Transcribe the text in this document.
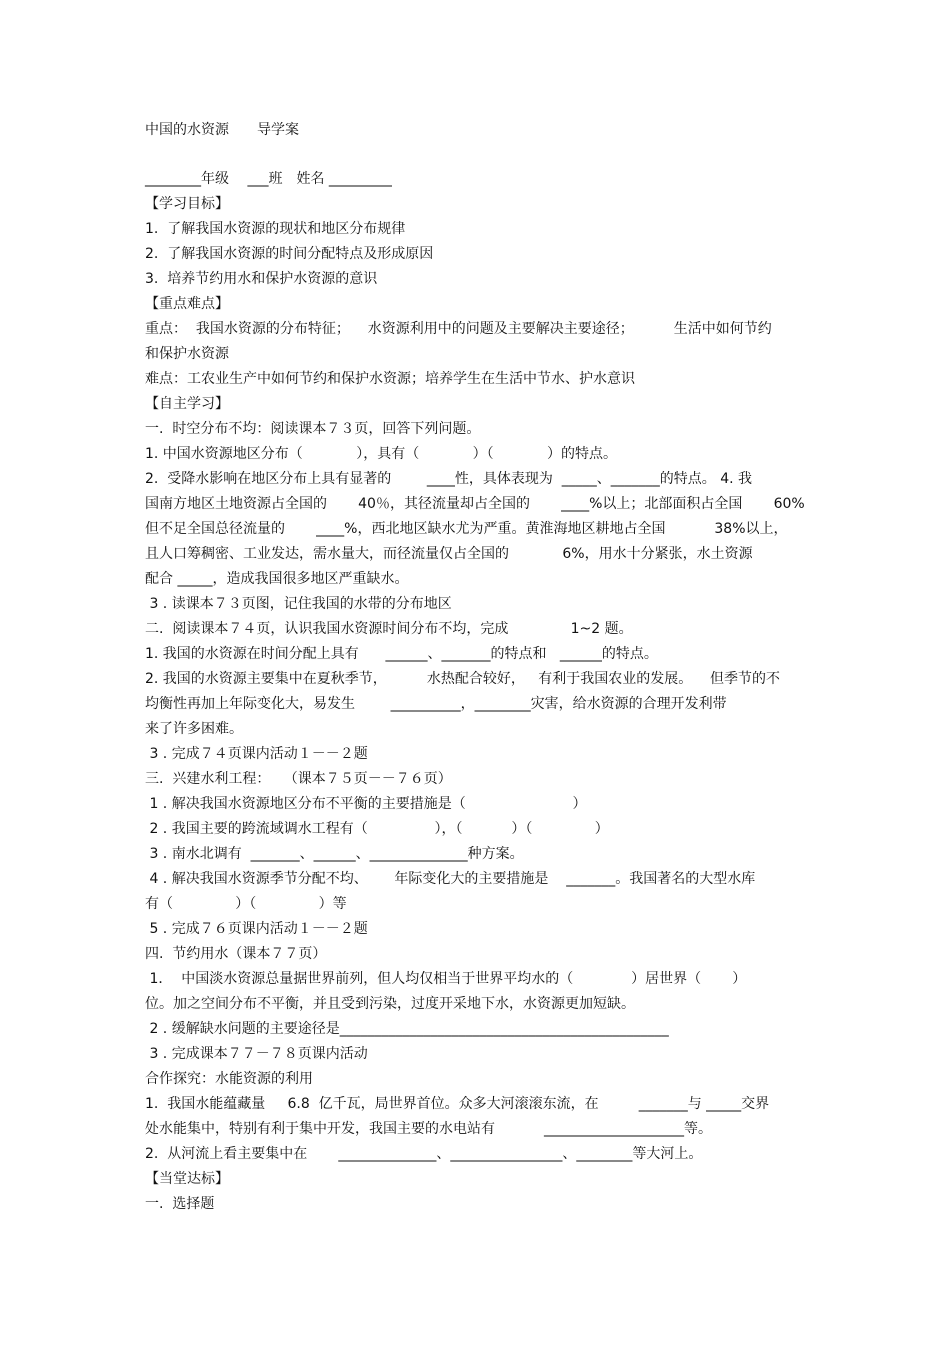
中国的水资源　　导学案
________年级　 ___班　姓名 _________
【学习目标】
1.  了解我国水资源的现状和地区分布规律
2.  了解我国水资源的时间分配特点及形成原因
3.  培养节约用水和保护水资源的意识
【重点难点】
重点：  我国水资源的分布特征；    水资源利用中的问题及主要解决主要途径；         生活中如何节约
和保护水资源
难点：工农业生产中如何节约和保护水资源；培养学生在生活中节水、护水意识
【自主学习】
一.  时空分布不均：阅读课本７３页，回答下列问题。
1. 中国水资源地区分布（            ），具有（            ）（            ）的特点。
2.  受降水影响在地区分布上具有显著的        ____性，具体表现为  _____、_______的特点。 4. 我
国南方地区土地资源占全国的       40％，其径流量却占全国的       ____%以上；北部面积占全国       60%
但不足全国总径流量的       ____%，西北地区缺水尤为严重。黄淮海地区耕地占全国           38%以上，
且人口筹稠密、工业发达，需水量大，而径流量仅占全国的            6%，用水十分紧张，水土资源
配合 _____，造成我国很多地区严重缺水。
3 . 读课本７３页图，记住我国的水带的分布地区
二.  阅读课本７４页，认识我国水资源时间分布不均，完成              1~2 题。
1. 我国的水资源在时间分配上具有      ______、_______的特点和   ______的特点。
2. 我国的水资源主要集中在夏秋季节，         水热配合较好，   有利于我国农业的发展。    但季节的不
均衡性再加上年际变化大，易发生        __________，________灾害，给水资源的合理开发利带
来了许多困难。
3 . 完成７４页课内活动１－－２题
三.  兴建水利工程：   （课本７５页－－７６页）
1 . 解决我国水资源地区分布不平衡的主要措施是（                        ）
2 . 我国主要的跨流域调水工程有（               ），（           ）（              ）
3 . 南水北调有  _______、______、______________种方案。
4 . 解决我国水资源季节分配不均、      年际变化大的主要措施是    _______。我国著名的大型水库
有（              ）（              ）等
5 . 完成７６页课内活动１－－２题
四.  节约用水（课本７７页）
1．  中国淡水资源总量据世界前列，但人均仅相当于世界平均水的（             ）居世界（       ）
位。加之空间分布不平衡，并且受到污染，过度开采地下水，水资源更加短缺。
2 . 缓解缺水问题的主要途径是_______________________________________________
3 . 完成课本７７－７８页课内活动
合作探究：水能资源的利用
1.  我国水能蕴藏量     6.8  亿千瓦，局世界首位。众多大河滚滚东流，在         _______与 _____交界
处水能集中，特别有利于集中开发，我国主要的水电站有           ____________________等。
2.  从河流上看主要集中在       ______________、________________、________等大河上。
【当堂达标】
一.  选择题
